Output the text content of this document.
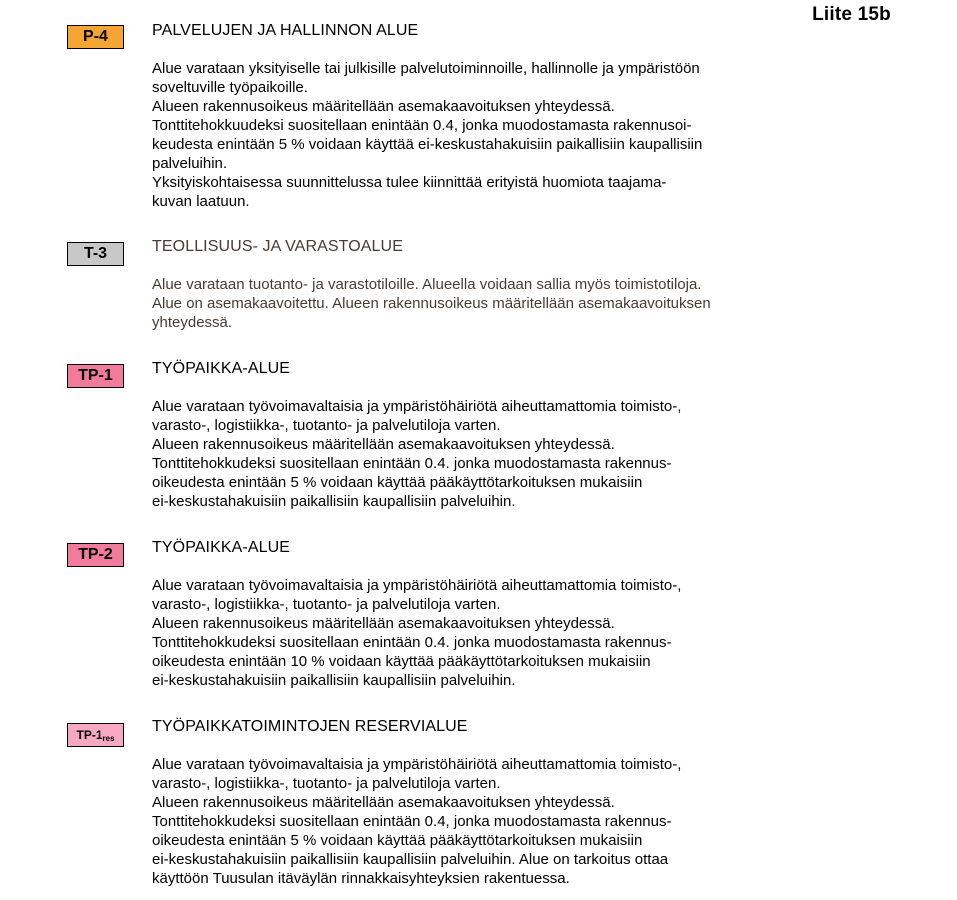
Liite 15b
P-4	PALVELUJEN JA HALLINNON ALUE
Alue varataan yksityiselle tai julkisille palvelutoiminnoille, hallinnolle ja ympäristöön
soveltuville työpaikoille.
Alueen rakennusoikeus määritellään asemakaavoituksen yhteydessä.
Tonttitehokkuudeksi suositellaan enintään 0.4, jonka muodostamasta rakennusoi-
keudesta enintään 5 % voidaan käyttää ei-keskustahakuisiin paikallisiin kaupallisiin
palveluihin.
Yksityiskohtaisessa suunnittelussa tulee kiinnittää erityistä huomiota taajama-
kuvan laatuun.
T-3	TEOLLISUUS- JA VARASTOALUE
Alue varataan tuotanto- ja varastotiloille. Alueella voidaan sallia myös toimistotiloja.
Alue on asemakaavoitettu. Alueen rakennusoikeus määritellään asemakaavoituksen
yhteydessä.
TP-1 TYÖPAIKKA-ALUE
Alue varataan työvoimavaltaisia ja ympäristöhäiriötä aiheuttamattomia toimisto-,
varasto-, logistiikka-, tuotanto- ja palvelutiloja varten.
Alueen rakennusoikeus määritellään asemakaavoituksen yhteydessä.
Tonttitehokkudeksi suositellaan enintään 0.4. jonka muodostamasta rakennus-
oikeudesta enintään 5 % voidaan käyttää pääkäyttötarkoituksen mukaisiin
ei-keskustahakuisiin paikallisiin kaupallisiin palveluihin.
TP-2 TYÖPAIKKA-ALUE
Alue varataan työvoimavaltaisia ja ympäristöhäiriötä aiheuttamattomia toimisto-,
varasto-, logistiikka-, tuotanto- ja palvelutiloja varten.
Alueen rakennusoikeus määritellään asemakaavoituksen yhteydessä.
Tonttitehokkudeksi suositellaan enintään 0.4. jonka muodostamasta rakennus-
oikeudesta enintään 10 % voidaan käyttää pääkäyttötarkoituksen mukaisiin
ei-keskustahakuisiin paikallisiin kaupallisiin palveluihin.
TP-1 res
TYÖPAIKKATOIMINTOJEN RESERVIALUE
Alue varataan työvoimavaltaisia ja ympäristöhäiriötä aiheuttamattomia toimisto-,
varasto-, logistiikka-, tuotanto- ja palvelutiloja varten.
Alueen rakennusoikeus määritellään asemakaavoituksen yhteydessä.
Tonttitehokkudeksi suositellaan enintään 0.4, jonka muodostamasta rakennus-
oikeudesta enintään 5 % voidaan käyttää pääkäyttötarkoituksen mukaisiin
ei-keskustahakuisiin paikallisiin kaupallisiin palveluihin. Alue on tarkoitus ottaa
käyttöön Tuusulan itäväylän rinnakkaisyhteyksien rakentuessa.
